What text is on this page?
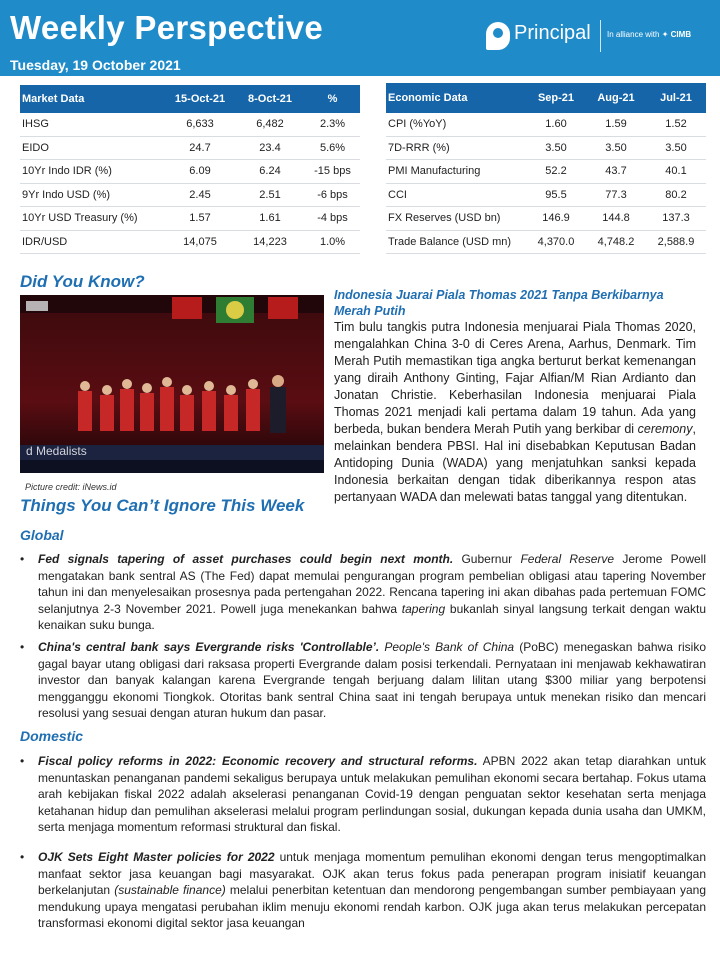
Weekly Perspective
Tuesday, 19 October 2021
Principal In alliance with ✦ CIMB
Market Data	15-Oct-21	8-Oct-21	%
IHSG	6,633	6,482	2.3%
EIDO	24.7	23.4	5.6%
10Yr Indo IDR (%)	6.09	6.24	-15 bps
9Yr Indo USD (%)	2.45	2.51	-6 bps
10Yr USD Treasury (%)	1.57	1.61	-4 bps
IDR/USD	14,075	14,223	1.0%
Economic Data	Sep-21	Aug-21	Jul-21
CPI (%YoY)	1.60	1.59	1.52
7D-RRR (%)	3.50	3.50	3.50
PMI Manufacturing	52.2	43.7	40.1
CCI	95.5	77.3	80.2
FX Reserves (USD bn)	146.9	144.8	137.3
Trade Balance (USD mn)	4,370.0	4,748.2	2,588.9
Did You Know?
d Medalists
Picture credit: iNews.id
Indonesia Juarai Piala Thomas 2021 Tanpa Berkibarnya Merah Putih
Tim bulu tangkis putra Indonesia menjuarai Piala Thomas 2020, mengalahkan China 3-0 di Ceres Arena, Aarhus, Denmark. Tim Merah Putih memastikan tiga angka berturut berkat kemenangan yang diraih Anthony Ginting, Fajar Alfian/M Rian Ardianto dan Jonatan Christie. Keberhasilan Indonesia menjuarai Piala Thomas 2021 menjadi kali pertama dalam 19 tahun. Ada yang berbeda, bukan bendera Merah Putih yang berkibar di ceremony, melainkan bendera PBSI. Hal ini disebabkan Keputusan Badan Antidoping Dunia (WADA) yang menjatuhkan sanksi kepada Indonesia berkaitan dengan tidak diberikannya respon atas pertanyaan WADA dan melewati batas tanggal yang ditentukan.
Things You Can’t Ignore This Week
Global
• Fed signals tapering of asset purchases could begin next month. Gubernur Federal Reserve Jerome Powell mengatakan bank sentral AS (The Fed) dapat memulai pengurangan program pembelian obligasi atau tapering November tahun ini dan menyelesaikan prosesnya pada pertengahan 2022. Rencana tapering ini akan dibahas pada pertemuan FOMC selanjutnya 2-3 November 2021. Powell juga menekankan bahwa tapering bukanlah sinyal langsung terkait dengan waktu kenaikan suku bunga.
• China's central bank says Evergrande risks 'Controllable’. People's Bank of China (PoBC) menegaskan bahwa risiko gagal bayar utang obligasi dari raksasa properti Evergrande dalam posisi terkendali. Pernyataan ini menjawab kekhawatiran investor dan banyak kalangan karena Evergrande tengah berjuang dalam lilitan utang $300 miliar yang berpotensi mengganggu ekonomi Tiongkok. Otoritas bank sentral China saat ini tengah berupaya untuk menekan risiko dan mencari resolusi yang sesuai dengan aturan hukum dan pasar.
Domestic
• Fiscal policy reforms in 2022: Economic recovery and structural reforms. APBN 2022 akan tetap diarahkan untuk menuntaskan penanganan pandemi sekaligus berupaya untuk melakukan pemulihan ekonomi secara bertahap. Fokus utama arah kebijakan fiskal 2022 adalah akselerasi penanganan Covid-19 dengan penguatan sektor kesehatan serta menjaga ketahanan hidup dan pemulihan akselerasi melalui program perlindungan sosial, dukungan kepada dunia usaha dan UMKM, serta menjaga momentum reformasi struktural dan fiskal.
• OJK Sets Eight Master policies for 2022 untuk menjaga momentum pemulihan ekonomi dengan terus mengoptimalkan manfaat sektor jasa keuangan bagi masyarakat. OJK akan terus fokus pada penerapan program inisiatif keuangan berkelanjutan (sustainable finance) melalui penerbitan ketentuan dan mendorong pengembangan sumber pembiayaan yang mendukung upaya mengatasi perubahan iklim menuju ekonomi rendah karbon. OJK juga akan terus melakukan percepatan transformasi ekonomi digital sektor jasa keuangan
